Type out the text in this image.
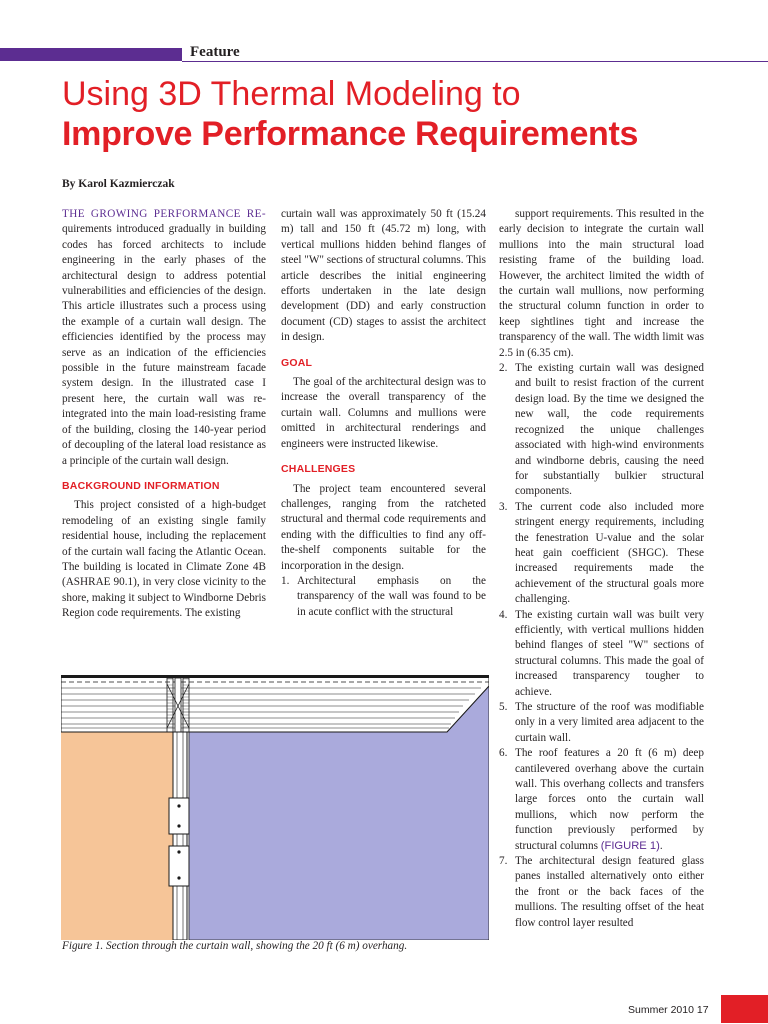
Feature
Using 3D Thermal Modeling to
Improve Performance Requirements
By Karol Kazmierczak

THE GROWING PERFORMANCE RE-quirements introduced gradually in building codes has forced architects to include engineering in the early phases of the architectural design to address potential vulnerabilities and efficiencies of the design. This article illustrates such a process using the example of a curtain wall design. The efficiencies identified by the process may serve as an indication of the efficiencies possible in the future mainstream facade system design. In the illustrated case I present here, the curtain wall was re-integrated into the main load-resisting frame of the building, closing the 140-year period of decoupling of the lateral load resistance as a principle of the curtain wall design.

BACKGROUND INFORMATION

This project consisted of a high-budget remodeling of an existing single family residential house, including the replacement of the curtain wall facing the Atlantic Ocean. The building is located in Climate Zone 4B (ASHRAE 90.1), in very close vicinity to the shore, making it subject to Windborne Debris Region code requirements. The existing

curtain wall was approximately 50 ft (15.24 m) tall and 150 ft (45.72 m) long, with vertical mullions hidden behind flanges of steel "W" sections of structural columns. This article describes the initial engineering efforts undertaken in the late design development (DD) and early construction document (CD) stages to assist the architect in design.

GOAL

The goal of the architectural design was to increase the overall transparency of the curtain wall. Columns and mullions were omitted in architectural renderings and engineers were instructed likewise.

CHALLENGES

The project team encountered several challenges, ranging from the ratcheted structural and thermal code requirements and ending with the difficulties to find any off-the-shelf components suitable for the incorporation in the design.

1. Architectural emphasis on the transparency of the wall was found to be in acute conflict with the structural

support requirements. This resulted in the early decision to integrate the curtain wall mullions into the main structural load resisting frame of the building load. However, the architect limited the width of the curtain wall mullions, now performing the structural column function in order to keep sightlines tight and increase the transparency of the wall. The width limit was 2.5 in (6.35 cm).

2. The existing curtain wall was designed and built to resist fraction of the current design load. By the time we designed the new wall, the code requirements recognized the unique challenges associated with high-wind environments and windborne debris, causing the need for substantially bulkier structural components.
3. The current code also included more stringent energy requirements, including the fenestration U-value and the solar heat gain coefficient (SHGC). These increased requirements made the achievement of the structural goals more challenging.
4. The existing curtain wall was built very efficiently, with vertical mullions hidden behind flanges of steel "W" sections of structural columns. This made the goal of increased transparency tougher to achieve.
5. The structure of the roof was modifiable only in a very limited area adjacent to the curtain wall.
6. The roof features a 20 ft (6 m) deep cantilevered overhang above the curtain wall. This overhang collects and transfers large forces onto the curtain wall mullions, which now perform the function previously performed by structural columns (FIGURE 1).
7. The architectural design featured glass panes installed alternatively onto either the front or the back faces of the mullions. The resulting offset of the heat flow control layer resulted
Figure 1. Section through the curtain wall, showing the 20 ft (6 m) overhang.
Summer 2010 17
